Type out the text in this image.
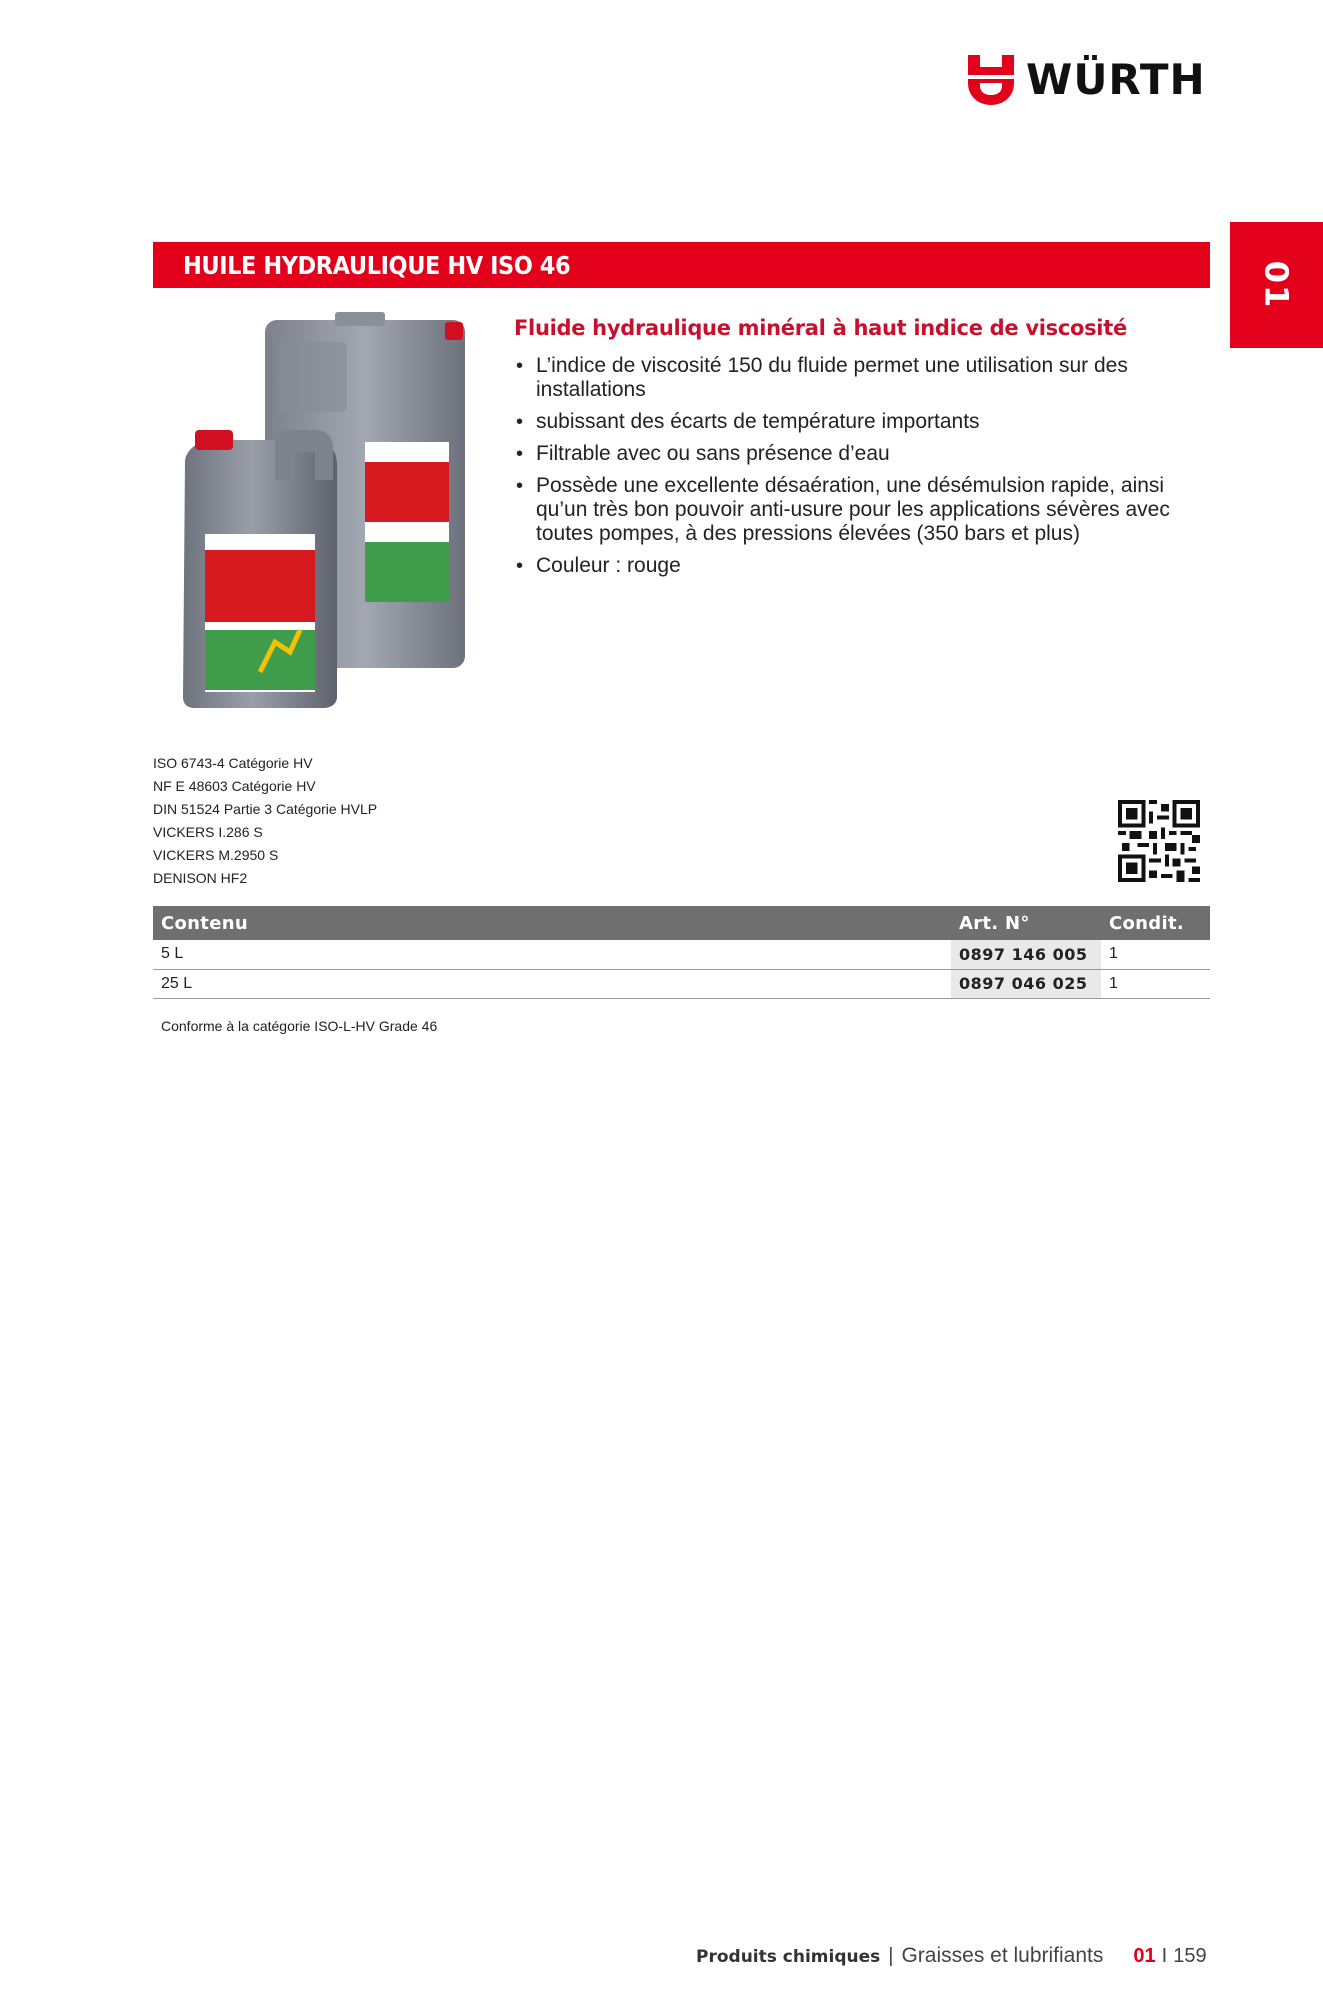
WÜRTH
01
HUILE HYDRAULIQUE HV ISO 46
Fluide hydraulique minéral à haut indice de viscosité
• L’indice de viscosité 150 du fluide permet une utilisation sur des installations
• subissant des écarts de température importants
• Filtrable avec ou sans présence d’eau
• Possède une excellente désaération, une désémulsion rapide, ainsi qu’un très bon pouvoir anti-usure pour les applications sévères avec toutes pompes, à des pressions élevées (350 bars et plus)
• Couleur : rouge
ISO 6743-4 Catégorie HV
NF E 48603 Catégorie HV
DIN 51524 Partie 3 Catégorie HVLP
VICKERS I.286 S
VICKERS M.2950 S
DENISON HF2
Contenu	Art. N°	Condit.
5 L	0897 146 005	1
25 L	0897 046 025	1
Conforme à la catégorie ISO-L-HV Grade 46
Produits chimiques | Graisses et lubrifiants 01 I 159
